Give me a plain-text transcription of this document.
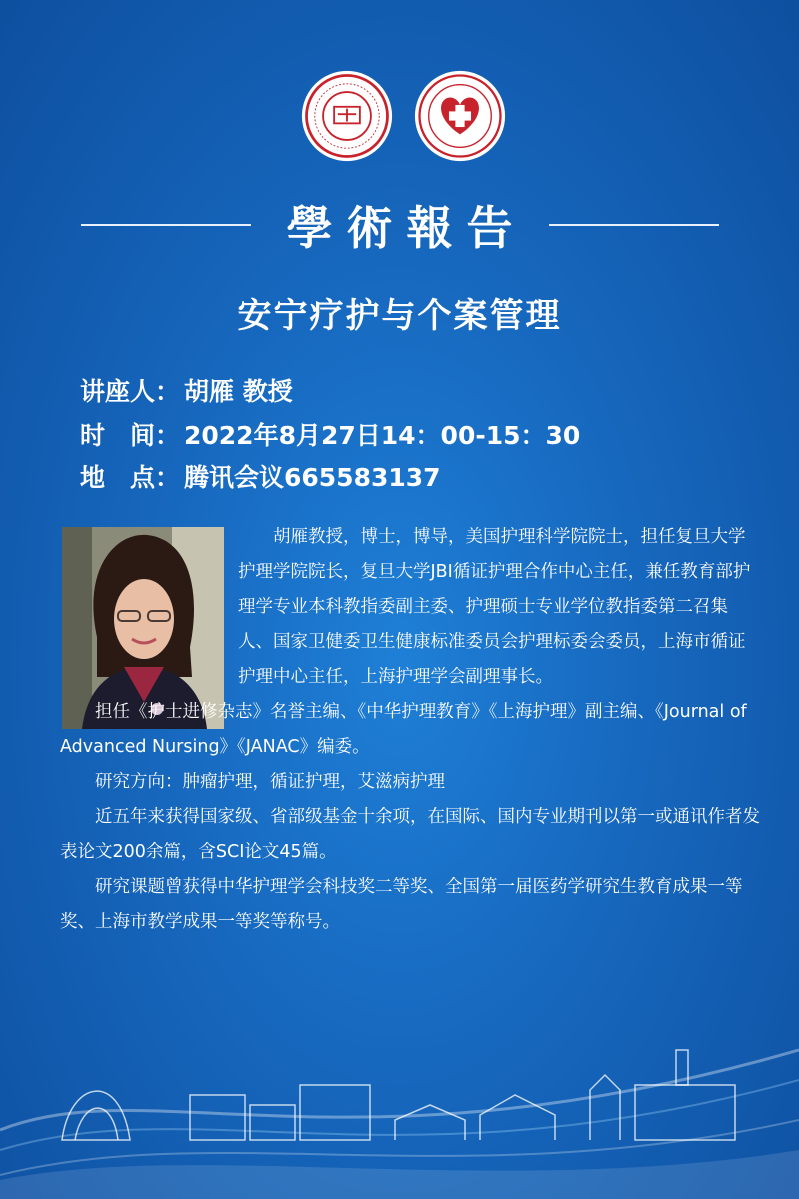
學術報告
安宁疗护与个案管理
讲座人： 胡雁 教授
时　间： 2022年8月27日14：00-15：30
地　点： 腾讯会议665583137

胡雁教授，博士，博导，美国护理科学院院士，担任复旦大学护理学院院长，复旦大学JBI循证护理合作中心主任，兼任教育部护理学专业本科教指委副主委、护理硕士专业学位教指委第二召集人、国家卫健委卫生健康标准委员会护理标委会委员，上海市循证护理中心主任，上海护理学会副理事长。

担任《护士进修杂志》名誉主编、《中华护理教育》《上海护理》副主编、《Journal of Advanced Nursing》《JANAC》编委。

研究方向：肿瘤护理，循证护理，艾滋病护理

近五年来获得国家级、省部级基金十余项，在国际、国内专业期刊以第一或通讯作者发表论文200余篇，含SCI论文45篇。

研究课题曾获得中华护理学会科技奖二等奖、全国第一届医药学研究生教育成果一等奖、上海市教学成果一等奖等称号。
